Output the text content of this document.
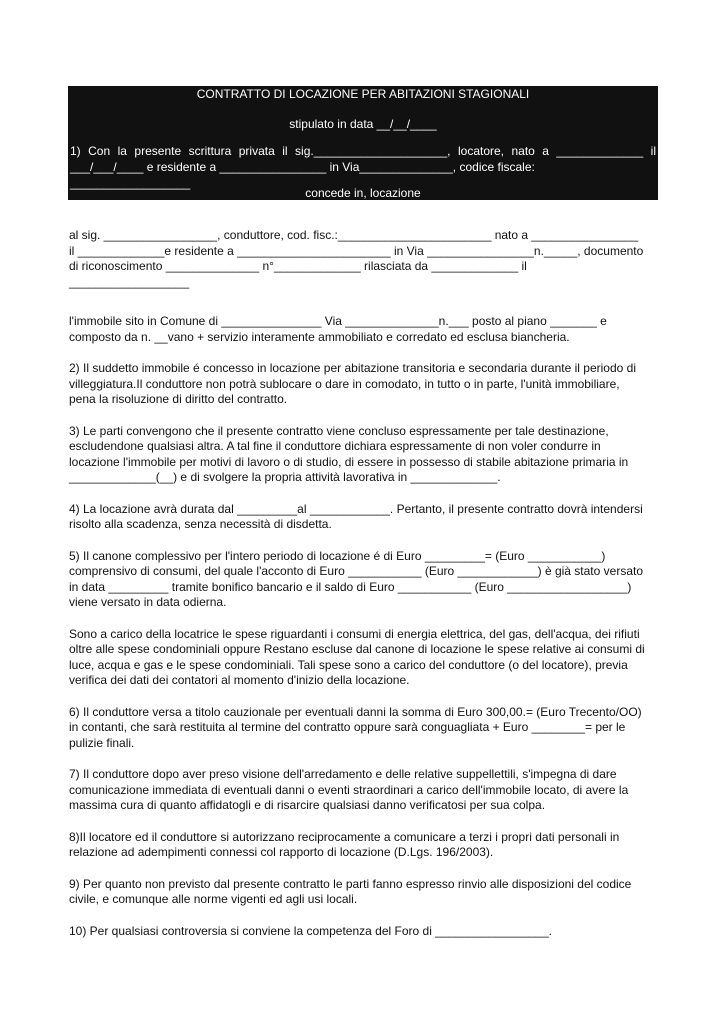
CONTRATTO DI LOCAZIONE PER ABITAZIONI STAGIONALI
stipulato in data __/__/____
1) Con la presente scrittura privata il sig.____________________, locatore, nato a _____________ il
___/___/____ e residente a ________________ in Via______________, codice fiscale: __________________
concede in, locazione

al sig. _________________, conduttore, cod. fisc.:_______________________ nato a ________________
il _____________e residente a _______________________ in Via ________________n._____, documento
di riconoscimento ______________ n°_____________ rilasciata da _____________ il
__________________

l'immobile sito in Comune di _______________ Via ______________n.___ posto al piano _______ e
composto da n. __vano + servizio interamente ammobiliato e corredato ed esclusa biancheria.

2) Il suddetto immobile é concesso in locazione per abitazione transitoria e secondaria durante il periodo di
villeggiatura.Il conduttore non potrà sublocare o dare in comodato, in tutto o in parte, l'unità immobiliare,
pena la risoluzione di diritto del contratto.

3) Le parti convengono che il presente contratto viene concluso espressamente per tale destinazione,
escludendone qualsiasi altra. A tal fine il conduttore dichiara espressamente di non voler condurre in
locazione l'immobile per motivi di lavoro o di studio, di essere in possesso di stabile abitazione primaria in
_____________(__) e di svolgere la propria attività lavorativa in _____________.

4) La locazione avrà durata dal _________al ____________. Pertanto, il presente contratto dovrà intendersi
risolto alla scadenza, senza necessità di disdetta.

5) Il canone complessivo per l'intero periodo di locazione é di Euro _________= (Euro ___________)
comprensivo di consumi, del quale l'acconto di Euro ___________ (Euro ____________) è già stato versato
in data _________ tramite bonifico bancario e il saldo di Euro ___________ (Euro __________________)
viene versato in data odierna.

Sono a carico della locatrice le spese riguardanti i consumi di energia elettrica, del gas, dell'acqua, dei rifiuti
oltre alle spese condominiali oppure Restano escluse dal canone di locazione le spese relative ai consumi di
luce, acqua e gas e le spese condominiali. Tali spese sono a carico del conduttore (o del locatore), previa
verifica dei dati dei contatori al momento d'inizio della locazione.

6) Il conduttore versa a titolo cauzionale per eventuali danni la somma di Euro 300,00.= (Euro Trecento/OO)
in contanti, che sarà restituita al termine del contratto oppure sarà conguagliata + Euro ________= per le
pulizie finali.

7) Il conduttore dopo aver preso visione dell'arredamento e delle relative suppellettili, s'impegna di dare
comunicazione immediata di eventuali danni o eventi straordinari a carico dell'immobile locato, di avere la
massima cura di quanto affidatogli e di risarcire qualsiasi danno verificatosi per sua colpa.

8)Il locatore ed il conduttore si autorizzano reciprocamente a comunicare a terzi i propri dati personali in
relazione ad adempimenti connessi col rapporto di locazione (D.Lgs. 196/2003).

9) Per quanto non previsto dal presente contratto le parti fanno espresso rinvio alle disposizioni del codice
civile, e comunque alle norme vigenti ed agli usi locali.

10) Per qualsiasi controversia si conviene la competenza del Foro di _________________.
